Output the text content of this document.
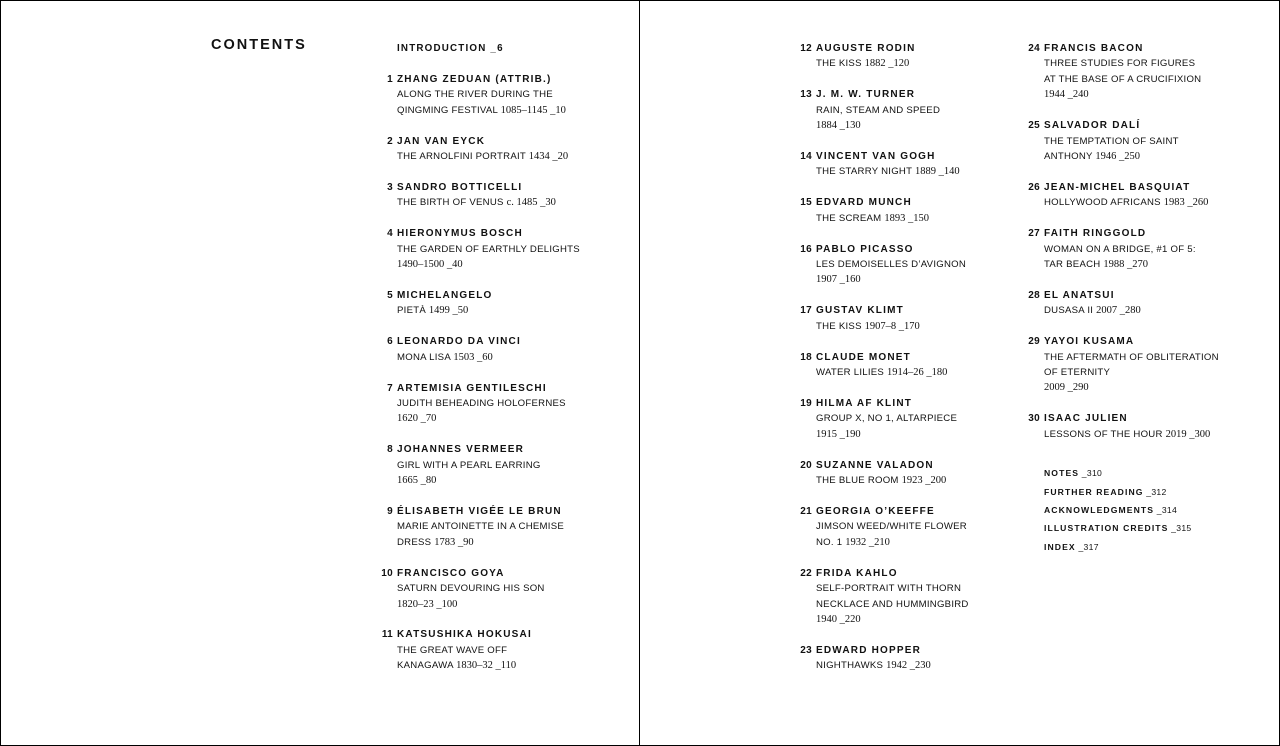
CONTENTS	INTRODUCTION _6
1 ZHANG ZEDUAN (ATTRIB.)
ALONG THE RIVER DURING THE
QINGMING FESTIVAL 1085–1145 _10
2 JAN VAN EYCK
THE ARNOLFINI PORTRAIT 1434 _20
3 SANDRO BOTTICELLI
THE BIRTH OF VENUS c. 1485 _30
4 HIERONYMUS BOSCH
THE GARDEN OF EARTHLY DELIGHTS
1490–1500 _40
5 MICHELANGELO
PIETÀ 1499 _50
6 LEONARDO DA VINCI
MONA LISA 1503 _60
7 ARTEMISIA GENTILESCHI
JUDITH BEHEADING HOLOFERNES
1620 _70
8 JOHANNES VERMEER
GIRL WITH A PEARL EARRING
1665 _80
9 ÉLISABETH VIGÉE LE BRUN
MARIE ANTOINETTE IN A CHEMISE
DRESS 1783 _90
10 FRANCISCO GOYA
SATURN DEVOURING HIS SON
1820–23 _100
11 KATSUSHIKA HOKUSAI
THE GREAT WAVE OFF
KANAGAWA 1830–32 _110
12 AUGUSTE RODIN
THE KISS 1882 _120
13 J. M. W. TURNER
RAIN, STEAM AND SPEED
1884 _130
14 VINCENT VAN GOGH
THE STARRY NIGHT 1889 _140
15 EDVARD MUNCH
THE SCREAM 1893 _150
16 PABLO PICASSO
LES DEMOISELLES D’AVIGNON
1907 _160
17 GUSTAV KLIMT
THE KISS 1907–8 _170
18 CLAUDE MONET
WATER LILIES 1914–26 _180
19 HILMA AF KLINT
GROUP X, NO 1, ALTARPIECE
1915 _190
20 SUZANNE VALADON
THE BLUE ROOM 1923 _200
21 GEORGIA O’KEEFFE
JIMSON WEED/WHITE FLOWER
NO. 1 1932 _210
22 FRIDA KAHLO
SELF-PORTRAIT WITH THORN
NECKLACE AND HUMMINGBIRD
1940 _220
23 EDWARD HOPPER
NIGHTHAWKS 1942 _230
24 FRANCIS BACON
THREE STUDIES FOR FIGURES
AT THE BASE OF A CRUCIFIXION
1944 _240
25 SALVADOR DALÍ
THE TEMPTATION OF SAINT
ANTHONY 1946 _250
26 JEAN-MICHEL BASQUIAT
HOLLYWOOD AFRICANS 1983 _260
27 FAITH RINGGOLD
WOMAN ON A BRIDGE, #1 OF 5:
TAR BEACH 1988 _270
28 EL ANATSUI
DUSASA II 2007 _280
29 YAYOI KUSAMA
THE AFTERMATH OF OBLITERATION
OF ETERNITY
2009 _290
30 ISAAC JULIEN
LESSONS OF THE HOUR 2019 _300
NOTES _310
FURTHER READING _312
ACKNOWLEDGMENTS _314
ILLUSTRATION CREDITS _315
INDEX _317
